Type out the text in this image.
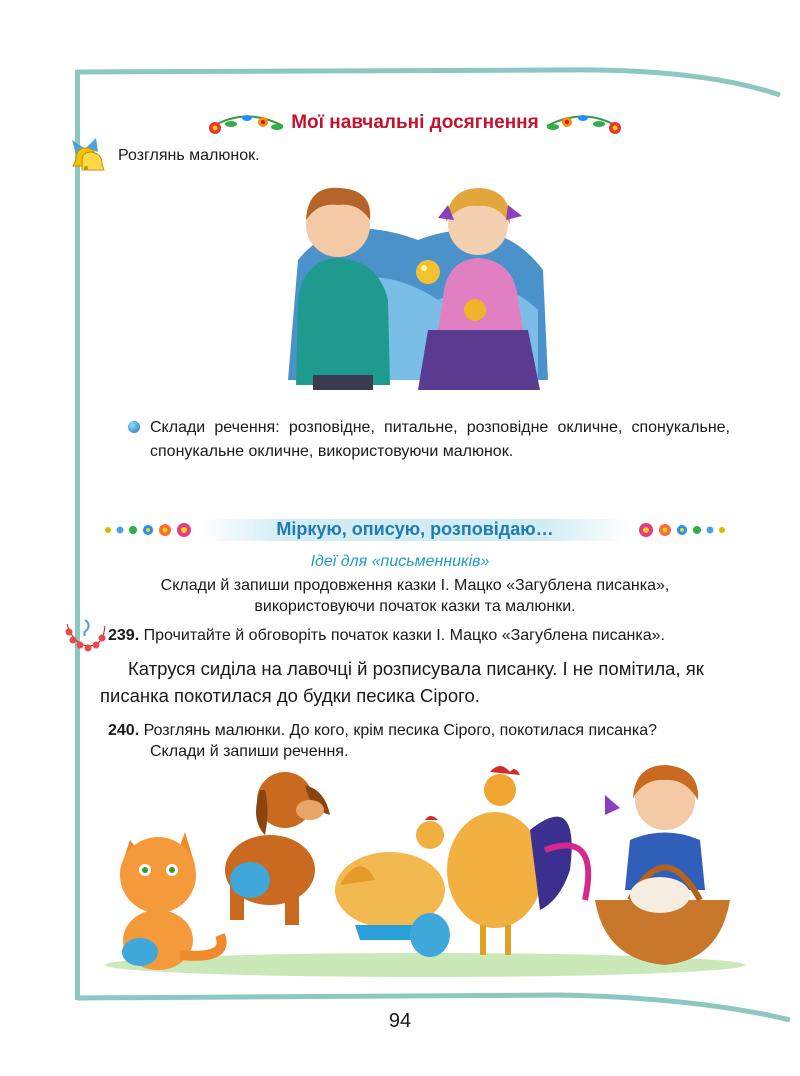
Мої навчальні досягнення
Розглянь малюнок.
Склади речення: розповідне, питальне, розповідне окличне, спонукальне, спонукальне окличне, використовуючи малюнок.
Міркую, описую, розповідаю…
Ідеї для «письменників»
Склади й запиши продовження казки І. Мацко «Загублена писанка»,
використовуючи початок казки та малюнки.
239. Прочитайте й обговоріть початок казки І. Мацко «Загублена писанка».
Катруся сиділа на лавочці й розписувала писанку. І не помітила, як писанка покотилася до будки песика Сірого.
240. Розглянь малюнки. До кого, крім песика Сірого, покотилася писанка?
Склади й запиши речення.
94
